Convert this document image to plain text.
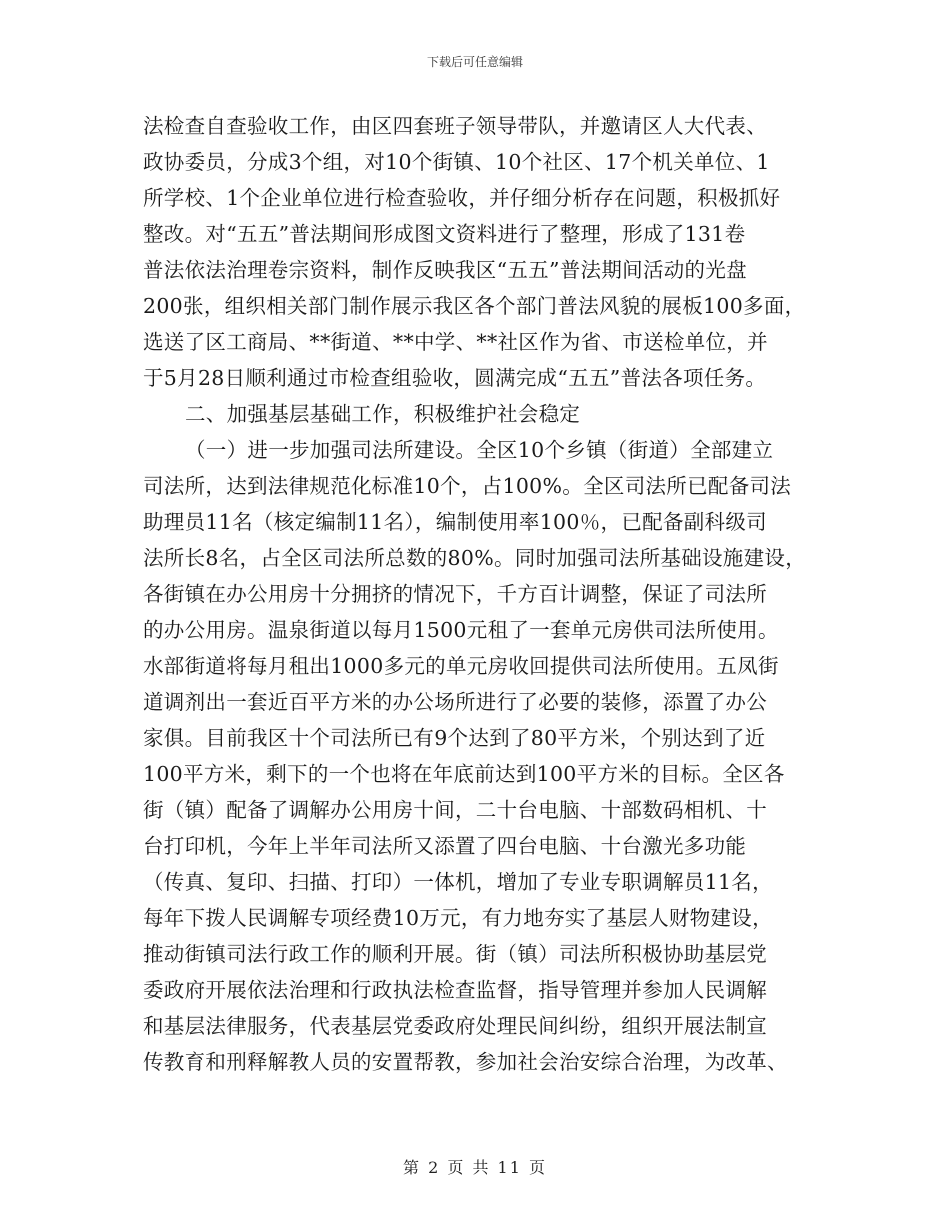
下载后可任意编辑
法检查自查验收工作，由区四套班子领导带队，并邀请区人大代表、
政协委员，分成3个组，对10个街镇、10个社区、17个机关单位、1
所学校、1个企业单位进行检查验收，并仔细分析存在问题，积极抓好
整改。对“五五”普法期间形成图文资料进行了整理，形成了131卷
普法依法治理卷宗资料，制作反映我区“五五”普法期间活动的光盘
200张，组织相关部门制作展示我区各个部门普法风貌的展板100多面，
选送了区工商局、**街道、**中学、**社区作为省、市送检单位，并
于5月28日顺利通过市检查组验收，圆满完成“五五”普法各项任务。
二、加强基层基础工作，积极维护社会稳定
（一）进一步加强司法所建设。全区10个乡镇（街道）全部建立
司法所，达到法律规范化标准10个，占100%。全区司法所已配备司法
助理员11名（核定编制11名），编制使用率100％，已配备副科级司
法所长8名，占全区司法所总数的80%。同时加强司法所基础设施建设，
各街镇在办公用房十分拥挤的情况下，千方百计调整，保证了司法所
的办公用房。温泉街道以每月1500元租了一套单元房供司法所使用。
水部街道将每月租出1000多元的单元房收回提供司法所使用。五凤街
道调剂出一套近百平方米的办公场所进行了必要的装修，添置了办公
家俱。目前我区十个司法所已有9个达到了80平方米，个别达到了近
100平方米，剩下的一个也将在年底前达到100平方米的目标。全区各
街（镇）配备了调解办公用房十间，二十台电脑、十部数码相机、十
台打印机，今年上半年司法所又添置了四台电脑、十台激光多功能
（传真、复印、扫描、打印）一体机，增加了专业专职调解员11名，
每年下拨人民调解专项经费10万元，有力地夯实了基层人财物建设，
推动街镇司法行政工作的顺利开展。街（镇）司法所积极协助基层党
委政府开展依法治理和行政执法检查监督，指导管理并参加人民调解
和基层法律服务，代表基层党委政府处理民间纠纷，组织开展法制宣
传教育和刑释解教人员的安置帮教，参加社会治安综合治理，为改革、
第 2 页 共 11 页
